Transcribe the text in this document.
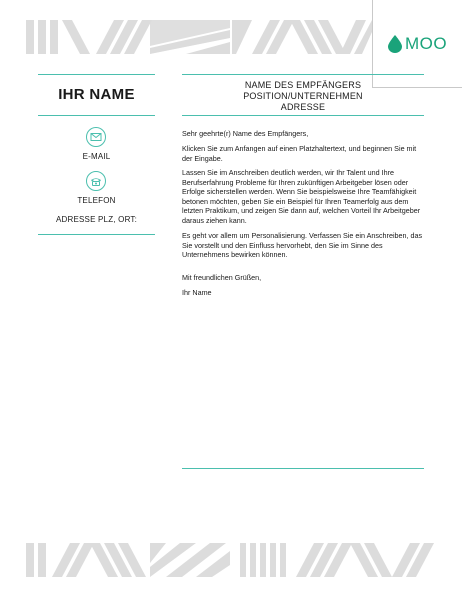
MOO
IHR NAME
E-MAIL
TELEFON
ADRESSE PLZ, ORT:
NAME DES EMPFÄNGERS
POSITION/UNTERNEHMEN
ADRESSE

Sehr geehrte(r) Name des Empfängers,

Klicken Sie zum Anfangen auf einen Platzhaltertext, und beginnen Sie mit der Eingabe.

Lassen Sie im Anschreiben deutlich werden, wir Ihr Talent und Ihre Berufserfahrung Probleme für Ihren zukünftigen Arbeitgeber lösen oder Erfolge sicherstellen werden. Wenn Sie beispielsweise Ihre Teamfähigkeit betonen möchten, geben Sie ein Beispiel für Ihren Teamerfolg aus dem letzten Praktikum, und zeigen Sie dann auf, welchen Vorteil Ihr Arbeitgeber daraus ziehen kann.

Es geht vor allem um Personalisierung. Verfassen Sie ein Anschreiben, das Sie vorstellt und den Einfluss hervorhebt, den Sie im Sinne des Unternehmens bewirken können.

Mit freundlichen Grüßen,

Ihr Name
